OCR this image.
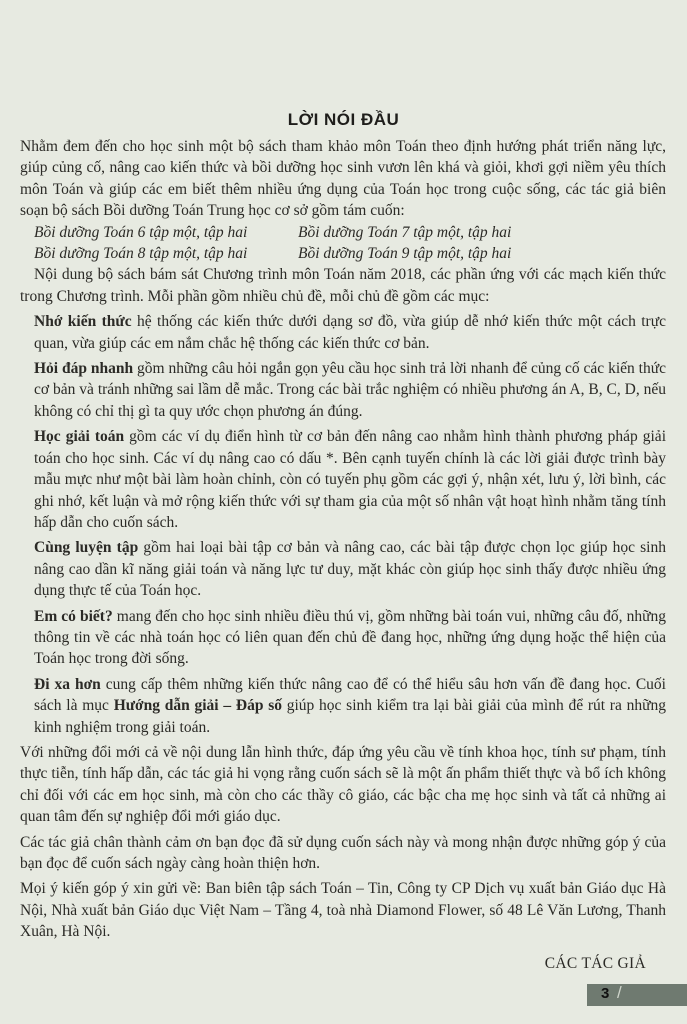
LỜI NÓI ĐẦU

Nhằm đem đến cho học sinh một bộ sách tham khảo môn Toán theo định hướng phát triển năng lực, giúp củng cố, nâng cao kiến thức và bồi dưỡng học sinh vươn lên khá và giỏi, khơi gợi niềm yêu thích môn Toán và giúp các em biết thêm nhiều ứng dụng của Toán học trong cuộc sống, các tác giả biên soạn bộ sách Bồi dưỡng Toán Trung học cơ sở gồm tám cuốn:

Bồi dưỡng Toán 6 tập một, tập hai	Bồi dưỡng Toán 7 tập một, tập hai
Bồi dưỡng Toán 8 tập một, tập hai	Bồi dưỡng Toán 9 tập một, tập hai

Nội dung bộ sách bám sát Chương trình môn Toán năm 2018, các phần ứng với các mạch kiến thức trong Chương trình. Mỗi phần gồm nhiều chủ đề, mỗi chủ đề gồm các mục:

Nhớ kiến thức hệ thống các kiến thức dưới dạng sơ đồ, vừa giúp dễ nhớ kiến thức một cách trực quan, vừa giúp các em nắm chắc hệ thống các kiến thức cơ bản.

Hỏi đáp nhanh gồm những câu hỏi ngắn gọn yêu cầu học sinh trả lời nhanh để củng cố các kiến thức cơ bản và tránh những sai lầm dễ mắc. Trong các bài trắc nghiệm có nhiều phương án A, B, C, D, nếu không có chỉ thị gì ta quy ước chọn phương án đúng.

Học giải toán gồm các ví dụ điển hình từ cơ bản đến nâng cao nhằm hình thành phương pháp giải toán cho học sinh. Các ví dụ nâng cao có dấu *. Bên cạnh tuyến chính là các lời giải được trình bày mẫu mực như một bài làm hoàn chỉnh, còn có tuyến phụ gồm các gợi ý, nhận xét, lưu ý, lời bình, các ghi nhớ, kết luận và mở rộng kiến thức với sự tham gia của một số nhân vật hoạt hình nhằm tăng tính hấp dẫn cho cuốn sách.

Cùng luyện tập gồm hai loại bài tập cơ bản và nâng cao, các bài tập được chọn lọc giúp học sinh nâng cao dần kĩ năng giải toán và năng lực tư duy, mặt khác còn giúp học sinh thấy được nhiều ứng dụng thực tế của Toán học.

Em có biết? mang đến cho học sinh nhiều điều thú vị, gồm những bài toán vui, những câu đố, những thông tin về các nhà toán học có liên quan đến chủ đề đang học, những ứng dụng hoặc thể hiện của Toán học trong đời sống.

Đi xa hơn cung cấp thêm những kiến thức nâng cao để có thể hiểu sâu hơn vấn đề đang học. Cuối sách là mục Hướng dẫn giải – Đáp số giúp học sinh kiểm tra lại bài giải của mình để rút ra những kinh nghiệm trong giải toán.

Với những đổi mới cả về nội dung lẫn hình thức, đáp ứng yêu cầu về tính khoa học, tính sư phạm, tính thực tiễn, tính hấp dẫn, các tác giả hi vọng rằng cuốn sách sẽ là một ấn phẩm thiết thực và bổ ích không chỉ đối với các em học sinh, mà còn cho các thầy cô giáo, các bậc cha mẹ học sinh và tất cả những ai quan tâm đến sự nghiệp đổi mới giáo dục.

Các tác giả chân thành cảm ơn bạn đọc đã sử dụng cuốn sách này và mong nhận được những góp ý của bạn đọc để cuốn sách ngày càng hoàn thiện hơn.

Mọi ý kiến góp ý xin gửi về: Ban biên tập sách Toán – Tin, Công ty CP Dịch vụ xuất bản Giáo dục Hà Nội, Nhà xuất bản Giáo dục Việt Nam – Tầng 4, toà nhà Diamond Flower, số 48 Lê Văn Lương, Thanh Xuân, Hà Nội.

CÁC TÁC GIẢ

3 /
